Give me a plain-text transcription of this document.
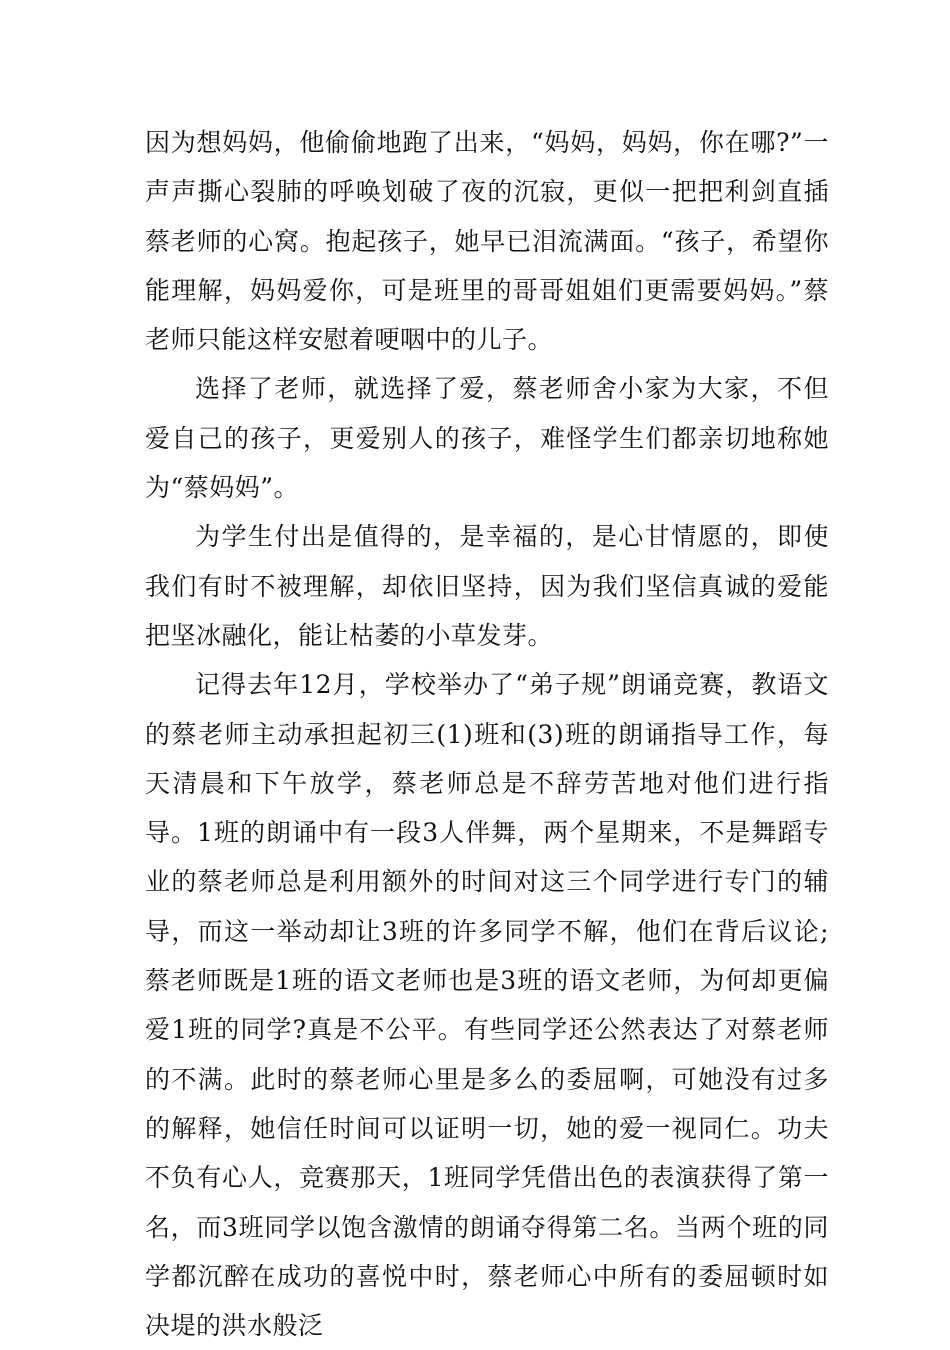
因为想妈妈，他偷偷地跑了出来，“妈妈，妈妈，你在哪?”一声声撕心裂肺的呼唤划破了夜的沉寂，更似一把把利剑直插蔡老师的心窝。抱起孩子，她早已泪流满面。“孩子，希望你能理解，妈妈爱你，可是班里的哥哥姐姐们更需要妈妈。”蔡老师只能这样安慰着哽咽中的儿子。

选择了老师，就选择了爱，蔡老师舍小家为大家，不但爱自己的孩子，更爱别人的孩子，难怪学生们都亲切地称她为“蔡妈妈”。

为学生付出是值得的，是幸福的，是心甘情愿的，即使我们有时不被理解，却依旧坚持，因为我们坚信真诚的爱能把坚冰融化，能让枯萎的小草发芽。

记得去年12月，学校举办了“弟子规”朗诵竞赛，教语文的蔡老师主动承担起初三(1)班和(3)班的朗诵指导工作，每天清晨和下午放学，蔡老师总是不辞劳苦地对他们进行指导。1班的朗诵中有一段3人伴舞，两个星期来，不是舞蹈专业的蔡老师总是利用额外的时间对这三个同学进行专门的辅导，而这一举动却让3班的许多同学不解，他们在背后议论;蔡老师既是1班的语文老师也是3班的语文老师，为何却更偏爱1班的同学?真是不公平。有些同学还公然表达了对蔡老师的不满。此时的蔡老师心里是多么的委屈啊，可她没有过多的解释，她信任时间可以证明一切，她的爱一视同仁。功夫不负有心人，竞赛那天，1班同学凭借出色的表演获得了第一名，而3班同学以饱含激情的朗诵夺得第二名。当两个班的同学都沉醉在成功的喜悦中时，蔡老师心中所有的委屈顿时如决堤的洪水般泛
